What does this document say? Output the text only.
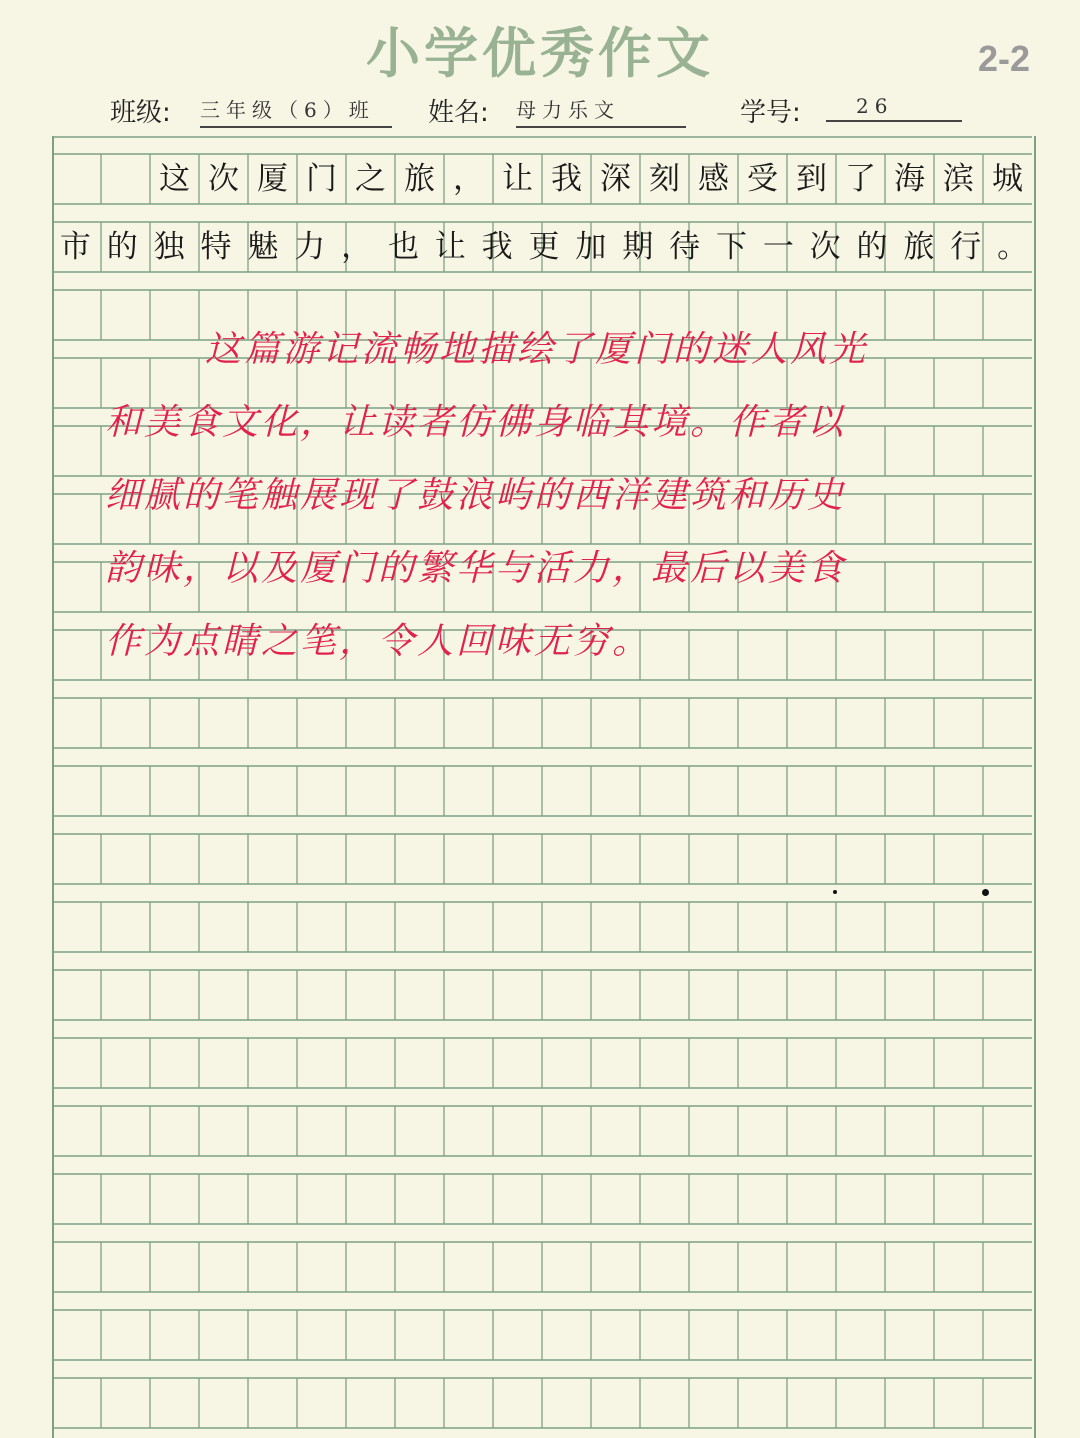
小学优秀作文	2-2
班级: 三年级（6）班	姓名: 母力乐文	学号:	26
这 次 厦 门 之 旅 ， 让 我 深 刻 感 受 到 了 海 滨 城
市 的 独 特 魅 力 ， 也 让 我 更 加 期 待 下 一 次 的 旅 行 。
这篇游记流畅地描绘了厦门的迷人风光
和美食文化，让读者仿佛身临其境。作者以
细腻的笔触展现了鼓浪屿的西洋建筑和历史
韵味，以及厦门的繁华与活力，最后以美食
作为点睛之笔，令人回味无穷。
